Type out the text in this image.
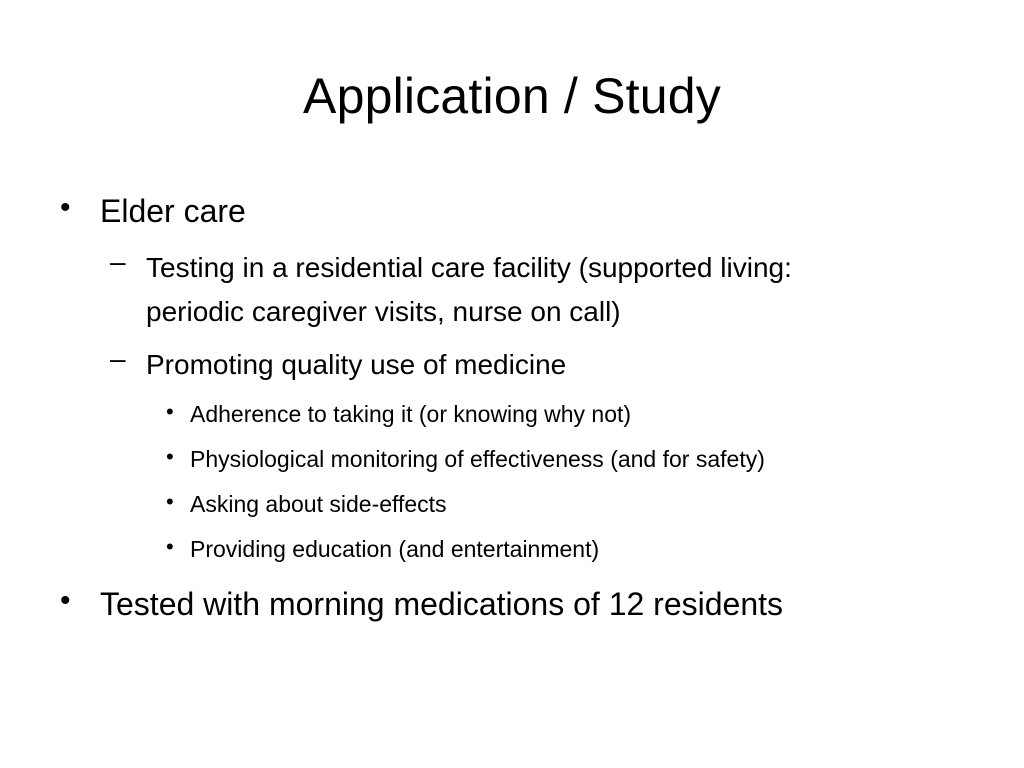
Application / Study
• Elder care
– Testing in a residential care facility (supported living:
periodic caregiver visits, nurse on call)
– Promoting quality use of medicine
• Adherence to taking it (or knowing why not)
• Physiological monitoring of effectiveness (and for safety)
• Asking about side-effects
• Providing education (and entertainment)
• Tested with morning medications of 12 residents
